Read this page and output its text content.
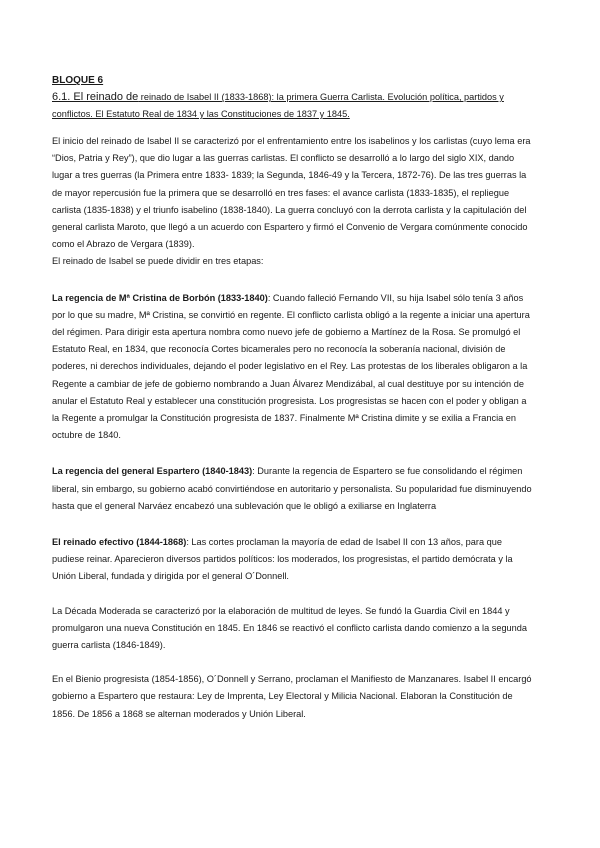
BLOQUE 6

6.1. El reinado de reinado de Isabel II (1833-1868): la primera Guerra Carlista. Evolución política, partidos y conflictos. El Estatuto Real de 1834 y las Constituciones de 1837 y 1845.

El inicio del reinado de Isabel II se caracterizó por el enfrentamiento entre los isabelinos y los carlistas (cuyo lema era “Dios, Patria y Rey”), que dio lugar a las guerras carlistas. El conflicto se desarrolló a lo largo del siglo XIX, dando lugar a tres guerras (la Primera entre 1833- 1839; la Segunda, 1846-49 y la Tercera, 1872-76). De las tres guerras la de mayor repercusión fue la primera que se desarrolló en tres fases: el avance carlista (1833-1835), el repliegue carlista (1835-1838) y el triunfo isabelino (1838-1840). La guerra concluyó con la derrota carlista y la capitulación del general carlista Maroto, que llegó a un acuerdo con Espartero y firmó el Convenio de Vergara comúnmente conocido como el Abrazo de Vergara (1839).

El reinado de Isabel se puede dividir en tres etapas:

La regencia de Mª Cristina de Borbón (1833-1840): Cuando falleció Fernando VII, su hija Isabel sólo tenía 3 años por lo que su madre, Mª Cristina, se convirtió en regente. El conflicto carlista obligó a la regente a iniciar una apertura del régimen. Para dirigir esta apertura nombra como nuevo jefe de gobierno a Martínez de la Rosa. Se promulgó el Estatuto Real, en 1834, que reconocía Cortes bicamerales pero no reconocía la soberanía nacional, división de poderes, ni derechos individuales, dejando el poder legislativo en el Rey. Las protestas de los liberales obligaron a la Regente a cambiar de jefe de gobierno nombrando a Juan Álvarez Mendizábal, al cual destituye por su intención de anular el Estatuto Real y establecer una constitución progresista. Los progresistas se hacen con el poder y obligan a la Regente a promulgar la Constitución progresista de 1837. Finalmente Mª Cristina dimite y se exilia a Francia en octubre de 1840.

La regencia del general Espartero (1840-1843): Durante la regencia de Espartero se fue consolidando el régimen liberal, sin embargo, su gobierno acabó convirtiéndose en autoritario y personalista. Su popularidad fue disminuyendo hasta que el general Narváez encabezó una sublevación que le obligó a exiliarse en Inglaterra

El reinado efectivo (1844-1868): Las cortes proclaman la mayoría de edad de Isabel II con 13 años, para que pudiese reinar. Aparecieron diversos partidos políticos: los moderados, los progresistas, el partido demócrata y la Unión Liberal, fundada y dirigida por el general O´Donnell.

La Década Moderada se caracterizó por la elaboración de multitud de leyes. Se fundó la Guardia Civil en 1844 y promulgaron una nueva Constitución en 1845. En 1846 se reactivó el conflicto carlista dando comienzo a la segunda guerra carlista (1846-1849).

En el Bienio progresista (1854-1856), O´Donnell y Serrano, proclaman el Manifiesto de Manzanares. Isabel II encargó gobierno a Espartero que restaura: Ley de Imprenta, Ley Electoral y Milicia Nacional. Elaboran la Constitución de 1856. De 1856 a 1868 se alternan moderados y Unión Liberal.
